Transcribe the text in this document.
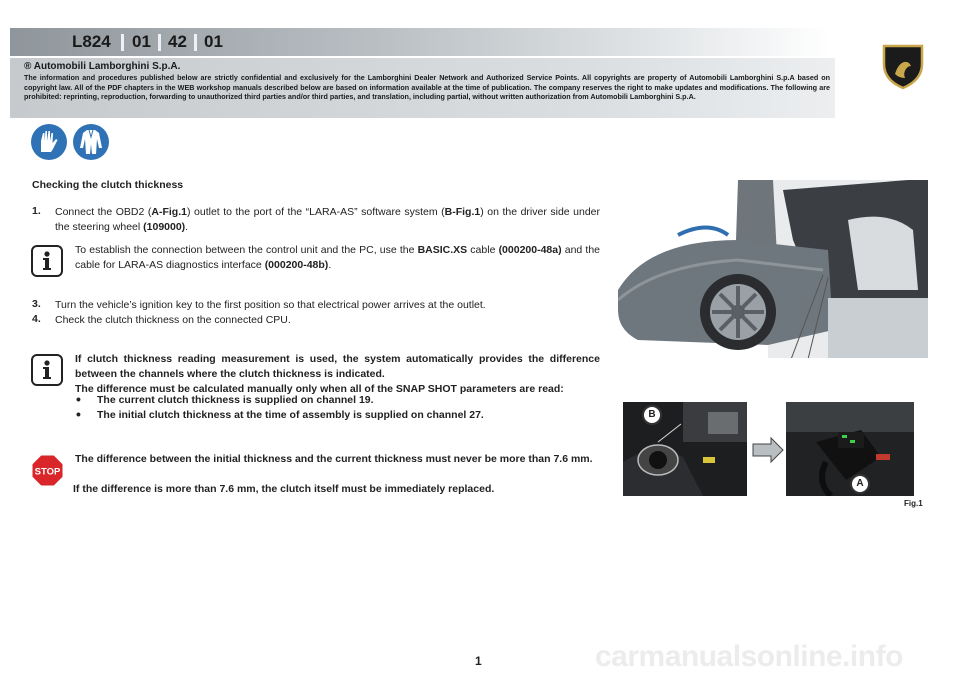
L824 01 42 01
® Automobili Lamborghini S.p.A.
The information and procedures published below are strictly confidential and exclusively for the Lamborghini Dealer Network and Authorized Service Points. All copyrights are property of Automobili Lamborghini S.p.A based on copyright law. All of the PDF chapters in the WEB workshop manuals described below are based on information available at the time of publication. The company reserves the right to make updates and modifications. The following are prohibited: reprinting, reproduction, forwarding to unauthorized third parties and/or third parties, and translation, including partial, without written authorization from Automobili Lamborghini S.p.A.
Checking the clutch thickness
1. Connect the OBD2 (A-Fig.1) outlet to the port of the “LARA-AS” software system (B-Fig.1) on the driver side under the steering wheel (109000).
To establish the connection between the control unit and the PC, use the BASIC.XS cable (000200-48a) and the cable for LARA-AS diagnostics interface (000200-48b).
3. Turn the vehicle’s ignition key to the first position so that electrical power arrives at the outlet.
4. Check the clutch thickness on the connected CPU.
If clutch thickness reading measurement is used, the system automatically provides the difference between the channels where the clutch thickness is indicated.
The difference must be calculated manually only when all of the SNAP SHOT parameters are read:
• The current clutch thickness is supplied on channel 19.
• The initial clutch thickness at the time of assembly is supplied on channel 27.
STOP
The difference between the initial thickness and the current thickness must never be more than 7.6 mm.
If the difference is more than 7.6 mm, the clutch itself must be immediately replaced.
B
A
Fig.1
carmanualsonline.info
1
